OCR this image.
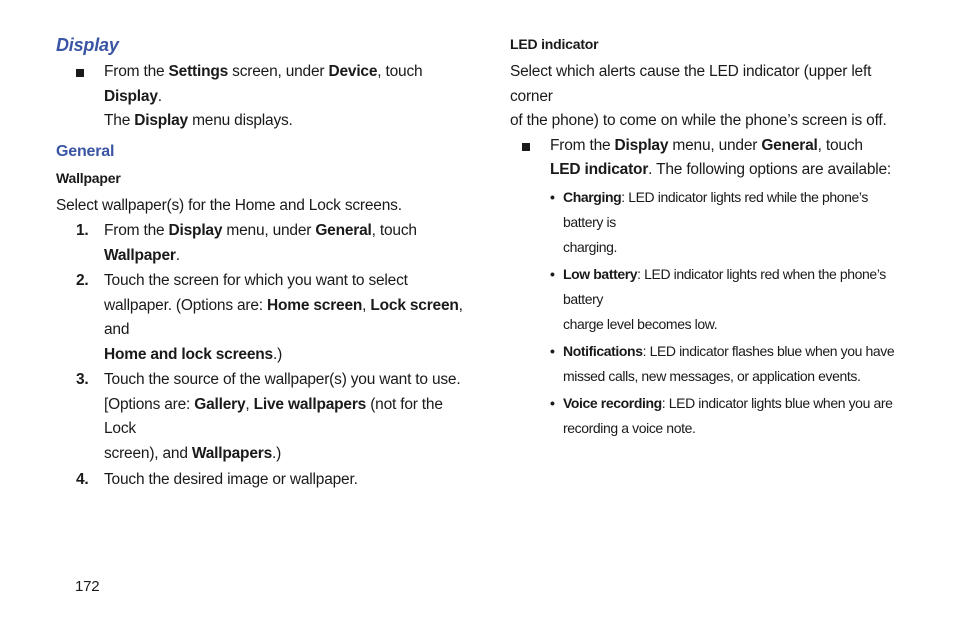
Display
From the Settings screen, under Device, touch Display.
The Display menu displays.
General
Wallpaper
Select wallpaper(s) for the Home and Lock screens.
1. From the Display menu, under General, touch
Wallpaper.
2. Touch the screen for which you want to select
wallpaper. (Options are: Home screen, Lock screen, and
Home and lock screens.)
3. Touch the source of the wallpaper(s) you want to use.
[Options are: Gallery, Live wallpapers (not for the Lock
screen), and Wallpapers.)
4. Touch the desired image or wallpaper.
LED indicator
Select which alerts cause the LED indicator (upper left corner
of the phone) to come on while the phone’s screen is off.
From the Display menu, under General, touch
LED indicator. The following options are available:
• Charging: LED indicator lights red while the phone’s battery is
charging.
• Low battery: LED indicator lights red when the phone’s battery
charge level becomes low.
• Notifications: LED indicator flashes blue when you have
missed calls, new messages, or application events.
• Voice recording: LED indicator lights blue when you are
recording a voice note.
172
